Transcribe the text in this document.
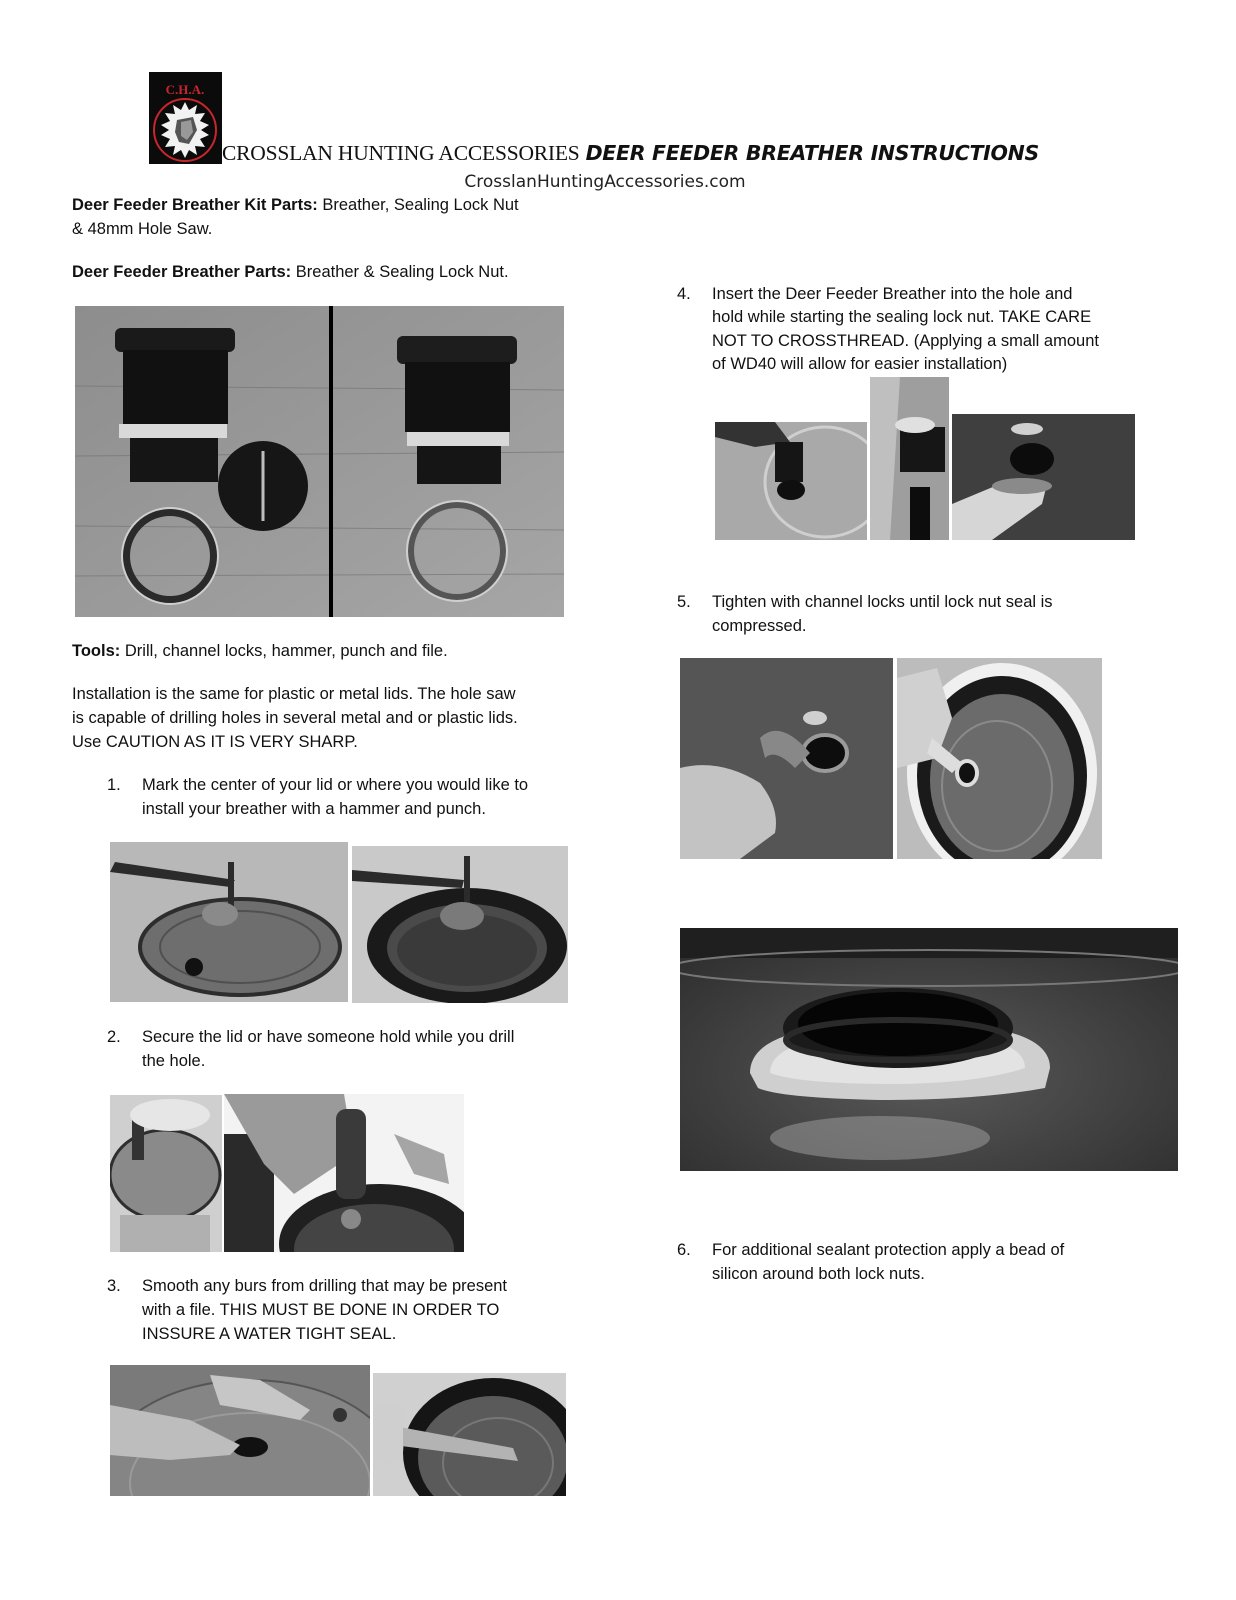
C.H.A.
CROSSLAN HUNTING ACCESSORIES DEER FEEDER BREATHER INSTRUCTIONS
CrosslanHuntingAccessories.com
Deer Feeder Breather Kit Parts: Breather, Sealing Lock Nut
& 48mm Hole Saw.
Deer Feeder Breather Parts: Breather & Sealing Lock Nut.
Tools: Drill, channel locks, hammer, punch and file.
Installation is the same for plastic or metal lids. The hole saw
is capable of drilling holes in several metal and or plastic lids.
Use CAUTION AS IT IS VERY SHARP.
1. Mark the center of your lid or where you would like to
install your breather with a hammer and punch.
2. Secure the lid or have someone hold while you drill
the hole.
3. Smooth any burs from drilling that may be present
with a file. THIS MUST BE DONE IN ORDER TO
INSSURE A WATER TIGHT SEAL.
4. Insert the Deer Feeder Breather into the hole and
hold while starting the sealing lock nut. TAKE CARE
NOT TO CROSSTHREAD. (Applying a small amount
of WD40 will allow for easier installation)
5. Tighten with channel locks until lock nut seal is
compressed.
6. For additional sealant protection apply a bead of
silicon around both lock nuts.
